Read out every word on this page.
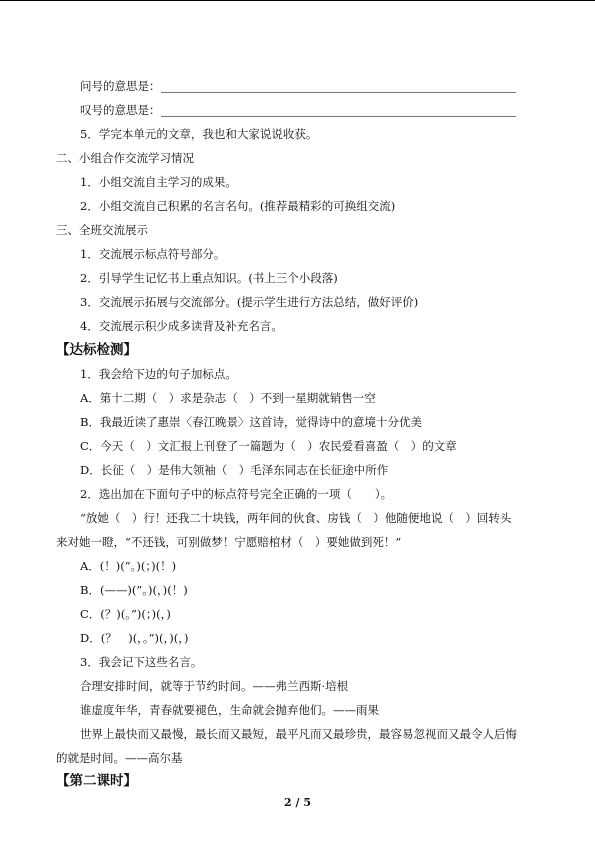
问号的意思是：
叹号的意思是：
5．学完本单元的文章，我也和大家说说收获。
二、小组合作交流学习情况
1．小组交流自主学习的成果。
2．小组交流自己积累的名言名句。(推荐最精彩的可换组交流)
三、全班交流展示
1．交流展示标点符号部分。
2．引导学生记忆书上重点知识。(书上三个小段落)
3．交流展示拓展与交流部分。(提示学生进行方法总结，做好评价)
4．交流展示积少成多读背及补充名言。
【达标检测】
1．我会给下边的句子加标点。
A．第十二期（　）求是杂志（　）不到一星期就销售一空
B．我最近读了惠崇〈春江晚景〉这首诗，觉得诗中的意境十分优美
C．今天（　）文汇报上刊登了一篇题为（　）农民爱看喜盈（　）的文章
D．长征（　）是伟大领袖（　）毛泽东同志在长征途中所作
2．选出加在下面句子中的标点符号完全正确的一项（　　）。
“放她（　）行！还我二十块钱，两年间的伙食、房钱（　）他随便地说（　）回转头
来对她一瞪，“不还钱，可别做梦！宁愿赔棺材（　）要她做到死！”
A．(！)(”。)(；)(！)
B．(——)(”。)(，)(！)
C．(？)(。”)(；)(，)
D．(？　)(，。”)(，)(，)
3．我会记下这些名言。
合理安排时间，就等于节约时间。——弗兰西斯·培根
谁虚度年华，青春就要褪色，生命就会抛弃他们。——雨果
世界上最快而又最慢，最长而又最短，最平凡而又最珍贵，最容易忽视而又最令人后悔
的就是时间。——高尔基
【第二课时】
2 / 5
